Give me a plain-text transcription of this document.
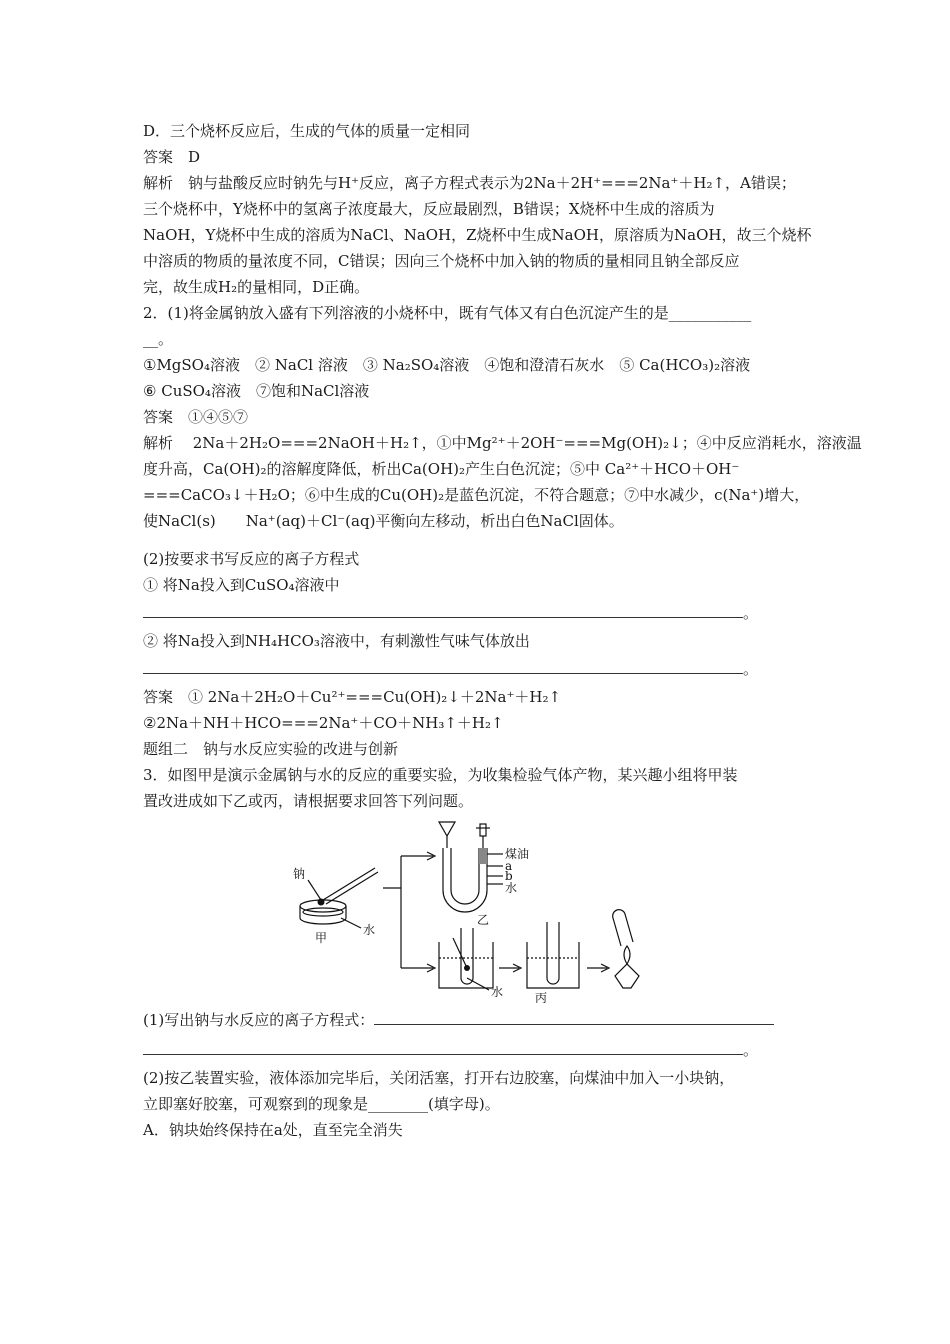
D．三个烧杯反应后，生成的气体的质量一定相同

答案　D

解析　钠与盐酸反应时钠先与H⁺反应，离子方程式表示为2Na＋2H⁺===2Na⁺＋H₂↑，A错误；

三个烧杯中，Y烧杯中的氢离子浓度最大，反应最剧烈，B错误；X烧杯中生成的溶质为

NaOH，Y烧杯中生成的溶质为NaCl、NaOH，Z烧杯中生成NaOH，原溶质为NaOH，故三个烧杯

中溶质的物质的量浓度不同，C错误；因向三个烧杯中加入钠的物质的量相同且钠全部反应

完，故生成H₂的量相同，D正确。

2．(1)将金属钠放入盛有下列溶液的小烧杯中，既有气体又有白色沉淀产生的是___________

__。

①MgSO₄溶液　② NaCl 溶液　③ Na₂SO₄溶液　④饱和澄清石灰水　⑤ Ca(HCO₃)₂溶液

⑥ CuSO₄溶液　⑦饱和NaCl溶液

答案　①④⑤⑦

解析　 2Na＋2H₂O===2NaOH＋H₂↑，①中Mg²⁺＋2OH⁻===Mg(OH)₂↓；④中反应消耗水，溶液温

度升高，Ca(OH)₂的溶解度降低，析出Ca(OH)₂产生白色沉淀；⑤中 Ca²⁺＋HCO＋OH⁻

===CaCO₃↓＋H₂O；⑥中生成的Cu(OH)₂是蓝色沉淀，不符合题意；⑦中水减少，c(Na⁺)增大，

使NaCl(s)　　Na⁺(aq)＋Cl⁻(aq)平衡向左移动，析出白色NaCl固体。

(2)按要求书写反应的离子方程式

① 将Na投入到CuSO₄溶液中

。

② 将Na投入到NH₄HCO₃溶液中，有刺激性气味气体放出

。

答案　① 2Na＋2H₂O＋Cu²⁺===Cu(OH)₂↓＋2Na⁺＋H₂↑

②2Na＋NH＋HCO===2Na⁺＋CO＋NH₃↑＋H₂↑

题组二　钠与水反应实验的改进与创新

3．如图甲是演示金属钠与水的反应的重要实验，为收集检验气体产物，某兴趣小组将甲装

置改进成如下乙或丙，请根据要求回答下列问题。

钠
水
甲
煤油
a
b
水
乙
水	丙

(1)写出钠与水反应的离子方程式：

。

(2)按乙装置实验，液体添加完毕后，关闭活塞，打开右边胶塞，向煤油中加入一小块钠，

立即塞好胶塞，可观察到的现象是________(填字母)。

A．钠块始终保持在a处，直至完全消失
